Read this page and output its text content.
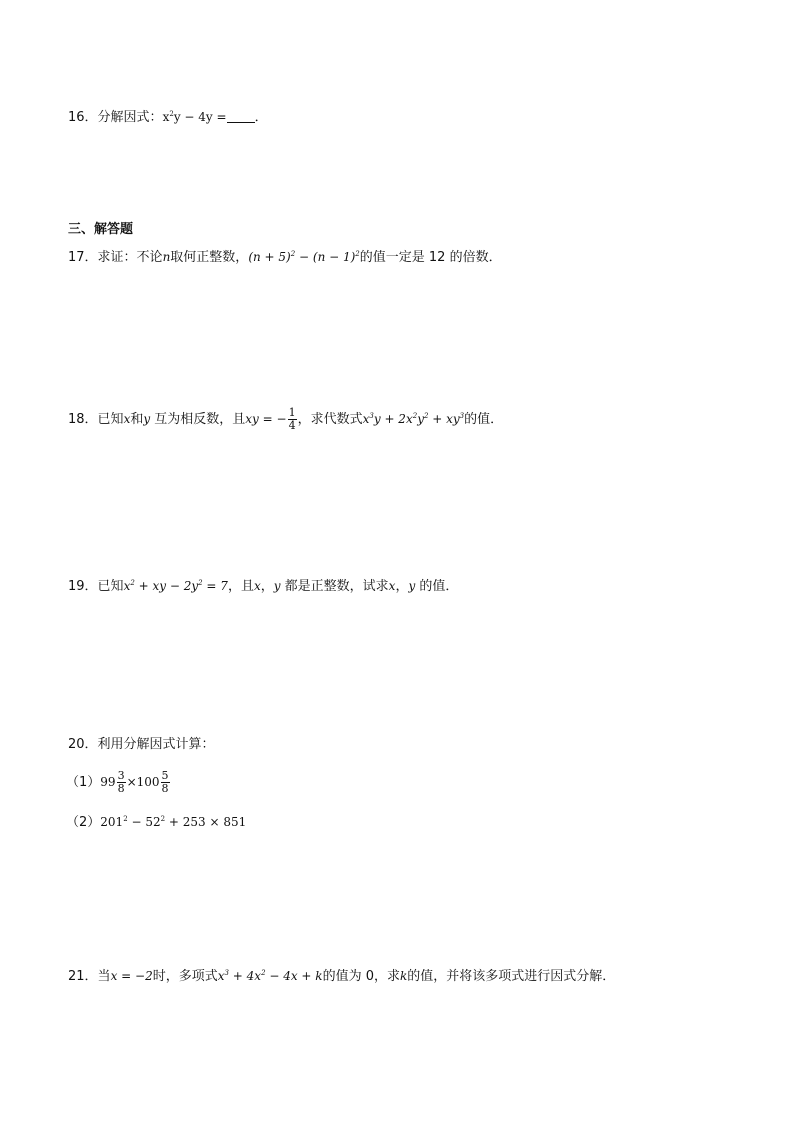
16．分解因式：$x^2y - 4y$ = ．
三、解答题
17．求证：不论n取何正整数，$(n + 5)^2 - (n - 1)^2$的值一定是 12 的倍数．
18．已知x和y 互为相反数，且xy = − $\frac{1}{4}$ ，求代数式$x^3y + 2x^2y^2 + xy^3$的值．
19．已知$x^2$ + xy − $2y^2 = 7$，且x，y 都是正整数，试求x，y 的值．
20．利用分解因式计算：
$(1)99 \frac{3}{8} \times 100 \frac{5}{8}$
$(2)201^2 - 52^2 + 253 \times 851$
21．当x = −2时，多项式$x^3 + 4x^2 - 4x + k$的值为 0，求k的值，并将该多项式进行因式分解．
